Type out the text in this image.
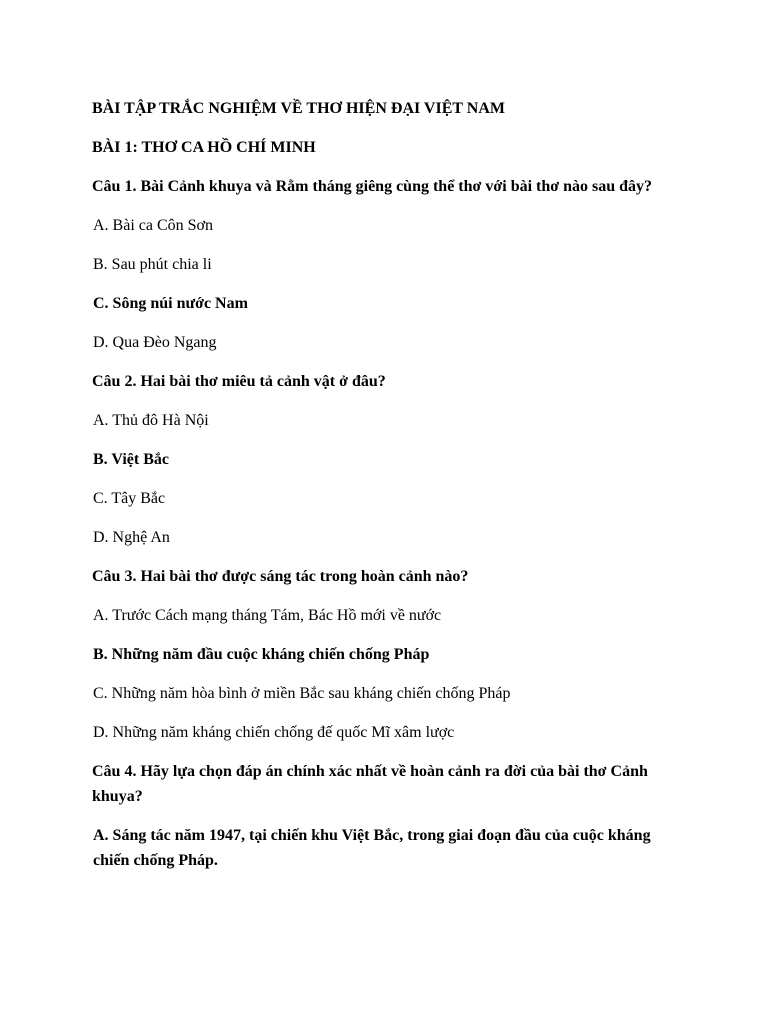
BÀI TẬP TRẮC NGHIỆM VỀ THƠ HIỆN ĐẠI VIỆT NAM
BÀI 1: THƠ CA HỒ CHÍ MINH
Câu 1. Bài Cảnh khuya và Rằm tháng giêng cùng thể thơ với bài thơ nào sau đây?
A. Bài ca Côn Sơn
B. Sau phút chia li
C. Sông núi nước Nam
D. Qua Đèo Ngang
Câu 2. Hai bài thơ miêu tả cảnh vật ở đâu?
A. Thủ đô Hà Nội
B. Việt Bắc
C. Tây Bắc
D. Nghệ An
Câu 3. Hai bài thơ được sáng tác trong hoàn cảnh nào?
A. Trước Cách mạng tháng Tám, Bác Hồ mới về nước
B. Những năm đầu cuộc kháng chiến chống Pháp
C. Những năm hòa bình ở miền Bắc sau kháng chiến chống Pháp
D. Những năm kháng chiến chống đế quốc Mĩ xâm lược
Câu 4. Hãy lựa chọn đáp án chính xác nhất về hoàn cảnh ra đời của bài thơ Cảnh khuya?
A. Sáng tác năm 1947, tại chiến khu Việt Bắc, trong giai đoạn đầu của cuộc kháng chiến chống Pháp.
